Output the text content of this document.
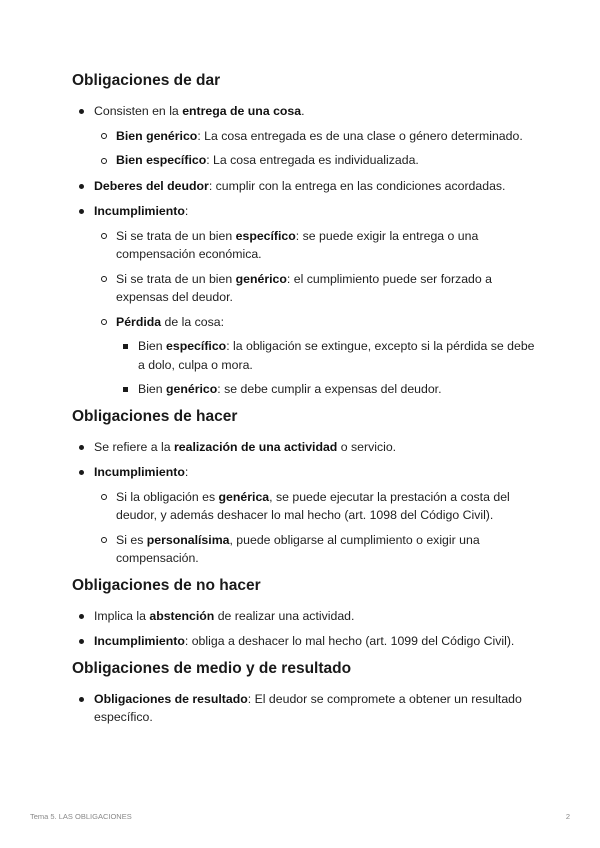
Obligaciones de dar
Consisten en la entrega de una cosa.
Bien genérico: La cosa entregada es de una clase o género determinado.
Bien específico: La cosa entregada es individualizada.
Deberes del deudor: cumplir con la entrega en las condiciones acordadas.
Incumplimiento:
Si se trata de un bien específico: se puede exigir la entrega o una compensación económica.
Si se trata de un bien genérico: el cumplimiento puede ser forzado a expensas del deudor.
Pérdida de la cosa:
Bien específico: la obligación se extingue, excepto si la pérdida se debe a dolo, culpa o mora.
Bien genérico: se debe cumplir a expensas del deudor.
Obligaciones de hacer
Se refiere a la realización de una actividad o servicio.
Incumplimiento:
Si la obligación es genérica, se puede ejecutar la prestación a costa del deudor, y además deshacer lo mal hecho (art. 1098 del Código Civil).
Si es personalísima, puede obligarse al cumplimiento o exigir una compensación.
Obligaciones de no hacer
Implica la abstención de realizar una actividad.
Incumplimiento: obliga a deshacer lo mal hecho (art. 1099 del Código Civil).
Obligaciones de medio y de resultado
Obligaciones de resultado: El deudor se compromete a obtener un resultado específico.
Tema 5. LAS OBLIGACIONES	2
